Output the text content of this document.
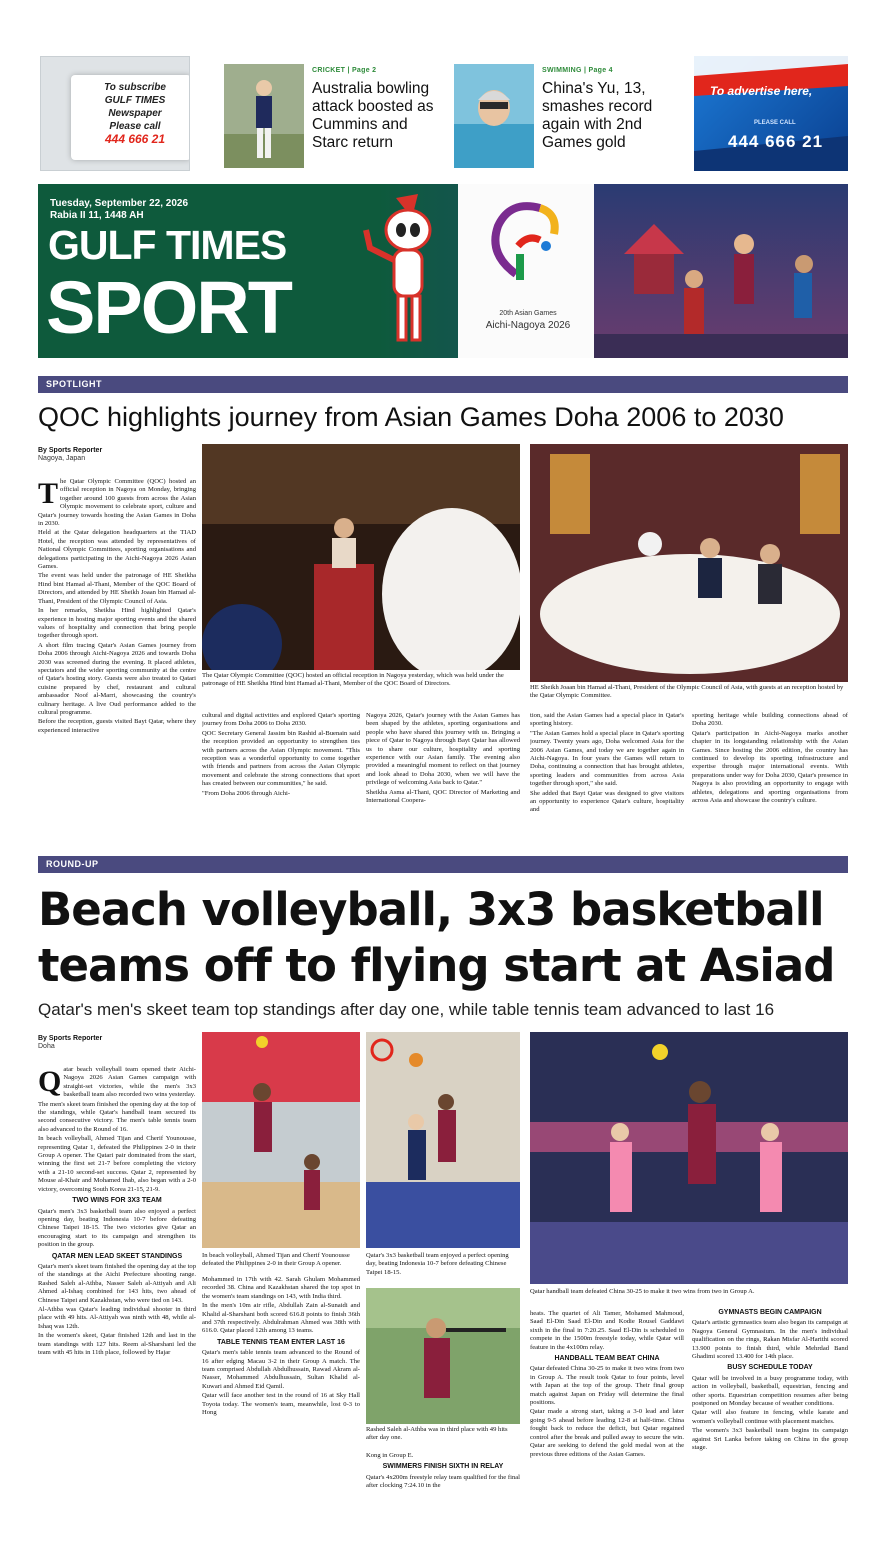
To subscribe
GULF TIMES
Newspaper
Please call
444 666 21
CRICKET | Page 2
Australia bowling attack boosted as Cummins and Starc return
SWIMMING | Page 4
China's Yu, 13, smashes record again with 2nd Games gold
To advertise here,
PLEASE CALL
444 666 21
Tuesday, September 22, 2026
Rabia II 11, 1448 AH
GULF TIMES
SPORT	20th Asian Games
Aichi-Nagoya 2026
SPOTLIGHT
QOC highlights journey from Asian Games Doha 2006 to 2030
By Sports Reporter
Nagoya, Japan
T he Qatar Olympic Committee (QOC) hosted an official reception in Nagoya on Monday, bringing together around 100 guests from across the Asian Olympic movement to celebrate sport, culture and Qatar's journey towards hosting the Asian Games in Doha in 2030.

Held at the Qatar delegation headquarters at the TIAD Hotel, the reception was attended by representatives of National Olympic Committees, sporting organisations and delegations participating in the Aichi-Nagoya 2026 Asian Games.

The event was held under the patronage of HE Sheikha Hind bint Hamad al-Thani, Member of the QOC Board of Directors, and attended by HE Sheikh Joaan bin Hamad al-Thani, President of the Olympic Council of Asia.

In her remarks, Sheikha Hind highlighted Qatar's experience in hosting major sporting events and the shared values of hospitality and connection that bring people together through sport.

A short film tracing Qatar's Asian Games journey from Doha 2006 through Aichi-Nagoya 2026 and towards Doha 2030 was screened during the evening. It placed athletes, spectators and the wider sporting community at the centre of Qatar's hosting story. Guests were also treated to Qatari cuisine prepared by chef, restaurant and cultural ambassador Noof al-Marri, showcasing the country's culinary heritage. A live Oud performance added to the cultural programme.

Before the reception, guests visited Bayt Qatar, where they experienced interactive

The Qatar Olympic Committee (QOC) hosted an official reception in Nagoya yesterday, which was held under the patronage of HE Sheikha Hind bint Hamad al-Thani, Member of the QOC Board of Directors.
HE Sheikh Joaan bin Hamad al-Thani, President of the Olympic Council of Asia, with guests at an reception hosted by the Qatar Olympic Committee.

cultural and digital activities and explored Qatar's sporting journey from Doha 2006 to Doha 2030.

QOC Secretary General Jassim bin Rashid al-Buenain said the reception provided an opportunity to strengthen ties with partners across the Asian Olympic movement. "This reception was a wonderful opportunity to come together with friends and partners from across the Asian Olympic movement and celebrate the strong connections that sport has created between our communities," he said.

"From Doha 2006 through Aichi-

Nagoya 2026, Qatar's journey with the Asian Games has been shaped by the athletes, sporting organisations and people who have shared this journey with us. Bringing a piece of Qatar to Nagoya through Bayt Qatar has allowed us to share our culture, hospitality and sporting experience with our Asian family. The evening also provided a meaningful moment to reflect on that journey and look ahead to Doha 2030, when we will have the privilege of welcoming Asia back to Qatar."

Sheikha Asma al-Thani, QOC Director of Marketing and International Coopera-

tion, said the Asian Games had a special place in Qatar's sporting history.

"The Asian Games hold a special place in Qatar's sporting journey. Twenty years ago, Doha welcomed Asia for the 2006 Asian Games, and today we are together again in Aichi-Nagoya. In four years the Games will return to Doha, continuing a connection that has brought athletes, sporting leaders and communities from across Asia together through sport," she said.

She added that Bayt Qatar was designed to give visitors an opportunity to experience Qatar's culture, hospitality and

sporting heritage while building connections ahead of Doha 2030.

Qatar's participation in Aichi-Nagoya marks another chapter in its longstanding relationship with the Asian Games. Since hosting the 2006 edition, the country has continued to develop its sporting infrastructure and expertise through major international events. With preparations under way for Doha 2030, Qatar's presence in Nagoya is also providing an opportunity to engage with athletes, delegations and sporting organisations from across Asia and showcase the country's culture.

ROUND-UP
Beach volleyball, 3x3 basketball
teams off to flying start at Asiad
Qatar's men's skeet team top standings after day one, while table tennis team advanced to last 16
By Sports Reporter
Doha
Q atar beach volleyball team opened their Aichi-Nagoya 2026 Asian Games campaign with straight-set victories, while the men's 3x3 basketball team also recorded two wins yesterday.

The men's skeet team finished the opening day at the top of the standings, while Qatar's handball team secured its second consecutive victory. The men's table tennis team also advanced to the Round of 16.

In beach volleyball, Ahmed Tijan and Cherif Younousse, representing Qatar 1, defeated the Philippines 2-0 in their Group A opener. The Qatari pair dominated from the start, winning the first set 21-7 before completing the victory with a 21-10 second-set success. Qatar 2, represented by Mouse al-Khair and Mohamed Ihab, also began with a 2-0 victory, overcoming South Korea 21-15, 21-9.

TWO WINS FOR 3X3 TEAM

Qatar's men's 3x3 basketball team also enjoyed a perfect opening day, beating Indonesia 10-7 before defeating Chinese Taipei 18-15. The two victories give Qatar an encouraging start to its campaign and strengthen its position in the group.

QATAR MEN LEAD SKEET STANDINGS

Qatar's men's skeet team finished the opening day at the top of the standings at the Aichi Prefecture shooting range. Rashed Saleh al-Athba, Nasser Saleh al-Attiyah and Ali Ahmed al-Ishaq combined for 143 hits, two ahead of Chinese Taipei and Kazakhstan, who were tied on 143.

Al-Athba was Qatar's leading individual shooter in third place with 49 hits. Al-Attiyah was ninth with 48, while al-Ishaq was 12th.

In the women's skeet, Qatar finished 12th and last in the team standings with 127 hits. Reem al-Sharshani led the team with 45 hits in 11th place, followed by Hajar

In beach volleyball, Ahmed Tijan and Cherif Younousse defeated the Philippines 2-0 in their Group A opener.
Qatar's 3x3 basketball team enjoyed a perfect opening day, beating Indonesia 10-7 before defeating Chinese Taipei 18-15.
Qatar handball team defeated China 30-25 to make it two wins from two in Group A.

Mohammed in 17th with 42. Sarah Ghulam Mohammed recorded 38. China and Kazakhstan shared the top spot in the women's team standings on 143, with India third.

In the men's 10m air rifle, Abdullah Zain al-Sunaidi and Khalid al-Sharshani both scored 616.8 points to finish 36th and 37th respectively. Abdulrahman Ahmed was 38th with 616.0. Qatar placed 12th among 13 teams.

TABLE TENNIS TEAM ENTER LAST 16

Qatar's men's table tennis team advanced to the Round of 16 after edging Macau 3-2 in their Group A match. The team comprised Abdullah Abdulhussain, Rawad Akram al-Nasser, Mohammed Abdulhussain, Sultan Khalid al-Kuwari and Ahmed Eid Qamil.

Qatar will face another test in the round of 16 at Sky Hall Toyota today. The women's team, meanwhile, lost 0-3 to Hong

Rashed Saleh al-Athba was in third place with 49 hits after day one.

Kong in Group E.

SWIMMERS FINISH SIXTH IN RELAY

Qatar's 4x200m freestyle relay team qualified for the final after clocking 7:24.10 in the

heats. The quartet of Ali Tamer, Mohamed Mahmoud, Saad El-Din Saad El-Din and Kodie Rousel Gaddawi sixth in the final in 7:20.25. Saad El-Din is scheduled to compete in the 1500m freestyle today, while Qatar will feature in the 4x100m relay.

HANDBALL TEAM BEAT CHINA

Qatar defeated China 30-25 to make it two wins from two in Group A. The result took Qatar to four points, level with Japan at the top of the group. Their final group match against Japan on Friday will determine the final positions.

Qatar made a strong start, taking a 3-0 lead and later going 9-5 ahead before leading 12-8 at half-time. China fought back to reduce the deficit, but Qatar regained control after the break and pulled away to secure the win. Qatar are seeking to defend the gold medal won at the previous three editions of the Asian Games.

GYMNASTS BEGIN CAMPAIGN

Qatar's artistic gymnastics team also began its campaign at Nagoya General Gymnasium. In the men's individual qualification on the rings, Rakan Misfar Al-Harithi scored 13.900 points to finish third, while Mehrdad Band Ghadimi scored 13.400 for 14th place.

BUSY SCHEDULE TODAY

Qatar will be involved in a busy programme today, with action in volleyball, basketball, equestrian, fencing and other sports. Equestrian competition resumes after being postponed on Monday because of weather conditions.

Qatar will also feature in fencing, while karate and women's volleyball continue with placement matches.

The women's 3x3 basketball team begins its campaign against Sri Lanka before taking on China in the group stage.
